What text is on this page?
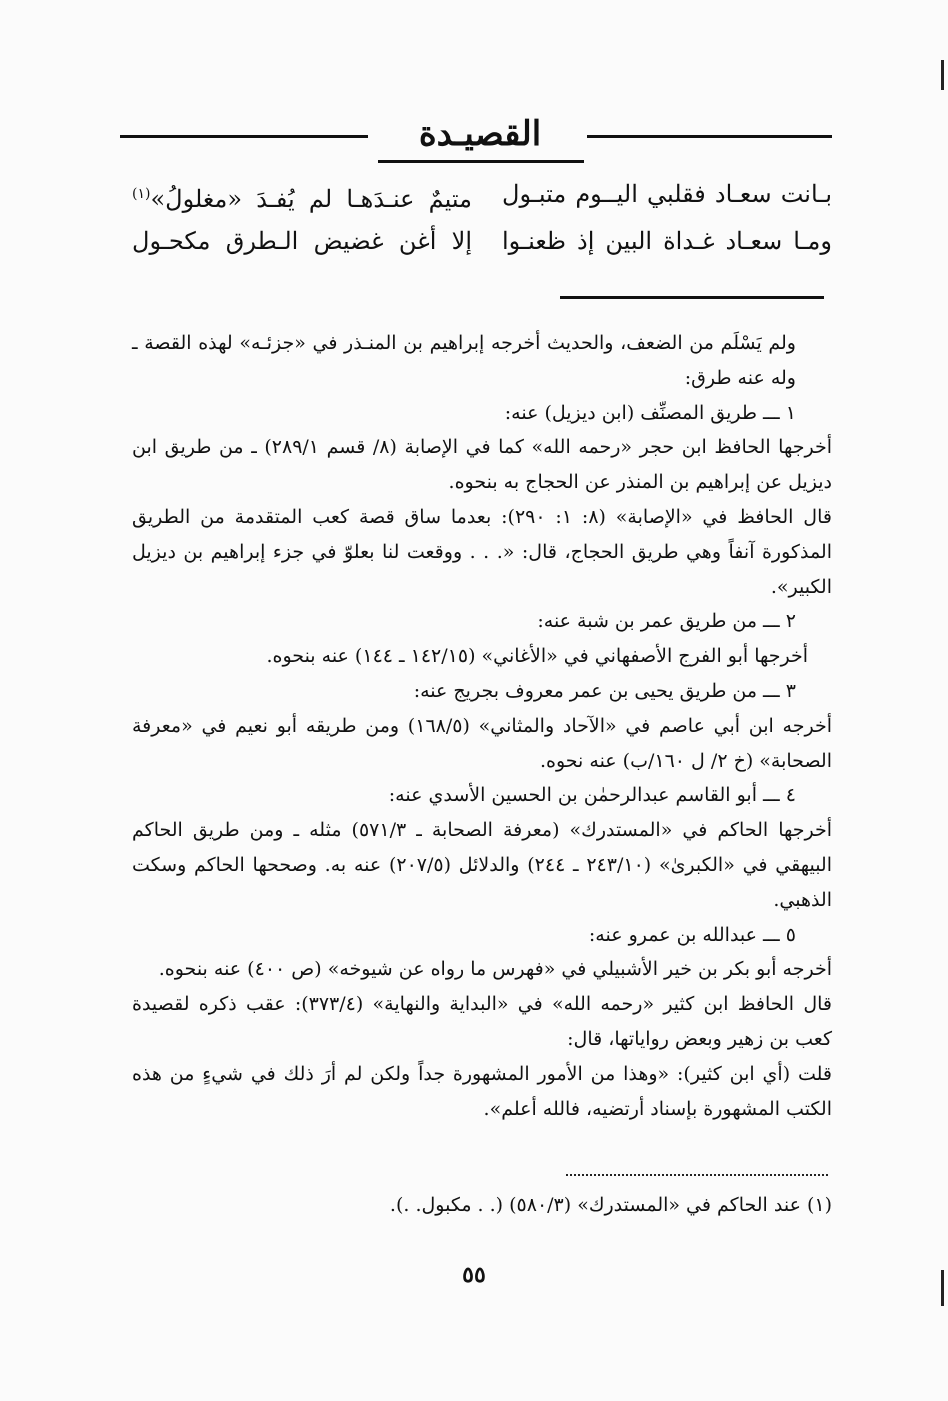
القصيـدة
بـانت سعـاد فقلبي اليــوم متبـول
متيمٌ عنـدَهـا لم يُفـدَ «مغلولُ»$^{(١)}$
ومـا سعـاد غـداة البين إذ ظعنـوا
إلا أغن غضيض الـطرق مكحـول

ولم يَسْلَم من الضعف، والحديث أخرجه إبراهيم بن المنـذر في «جزئـه» لهذه القصة ـ وله عنه طرق:

١ ـــ طريق المصنِّف (ابن ديزيل) عنه:

أخرجها الحافظ ابن حجر «رحمه الله» كما في الإصابة (٨/ قسم ٢٨٩/١) ـ من طريق ابن ديزيل عن إبراهيم بن المنذر عن الحجاج به بنحوه.

قال الحافظ في «الإصابة» (٨: ١: ٢٩٠): بعدما ساق قصة كعب المتقدمة من الطريق المذكورة آنفاً وهي طريق الحجاج، قال: «. . . ووقعت لنا بعلوّ في جزء إبراهيم بن ديزيل الكبير».

٢ ـــ من طريق عمر بن شبة عنه:

أخرجها أبو الفرج الأصفهاني في «الأغاني» (١٤٢/١٥ ـ ١٤٤) عنه بنحوه.

٣ ـــ من طريق يحيى بن عمر معروف بجريج عنه:

أخرجه ابن أبي عاصم في «الآحاد والمثاني» (١٦٨/٥) ومن طريقه أبو نعيم في «معرفة الصحابة» (خ ٢/ ل ١٦٠/ب) عنه نحوه.

٤ ـــ أبو القاسم عبدالرحمٰن بن الحسين الأسدي عنه:

أخرجها الحاكم في «المستدرك» (معرفة الصحابة ـ ٥٧١/٣) مثله ـ ومن طريق الحاكم البيهقي في «الكبرىٰ» (٢٤٣/١٠ ـ ٢٤٤) والدلائل (٢٠٧/٥) عنه به. وصححها الحاكم وسكت الذهبي.

٥ ـــ عبدالله بن عمرو عنه:

أخرجه أبو بكر بن خير الأشبيلي في «فهرس ما رواه عن شيوخه» (ص ٤٠٠) عنه بنحوه.

قال الحافظ ابن كثير «رحمه الله» في «البداية والنهاية» (٣٧٣/٤): عقب ذكره لقصيدة كعب بن زهير وبعض رواياتها، قال:

قلت (أي ابن كثير): «وهذا من الأمور المشهورة جداً ولكن لم أرَ ذلك في شيءٍ من هذه الكتب المشهورة بإسناد أرتضيه، فالله أعلم».

(١) عند الحاكم في «المستدرك» (٥٨٠/٣) (. . مكبول. .).
٥٥
